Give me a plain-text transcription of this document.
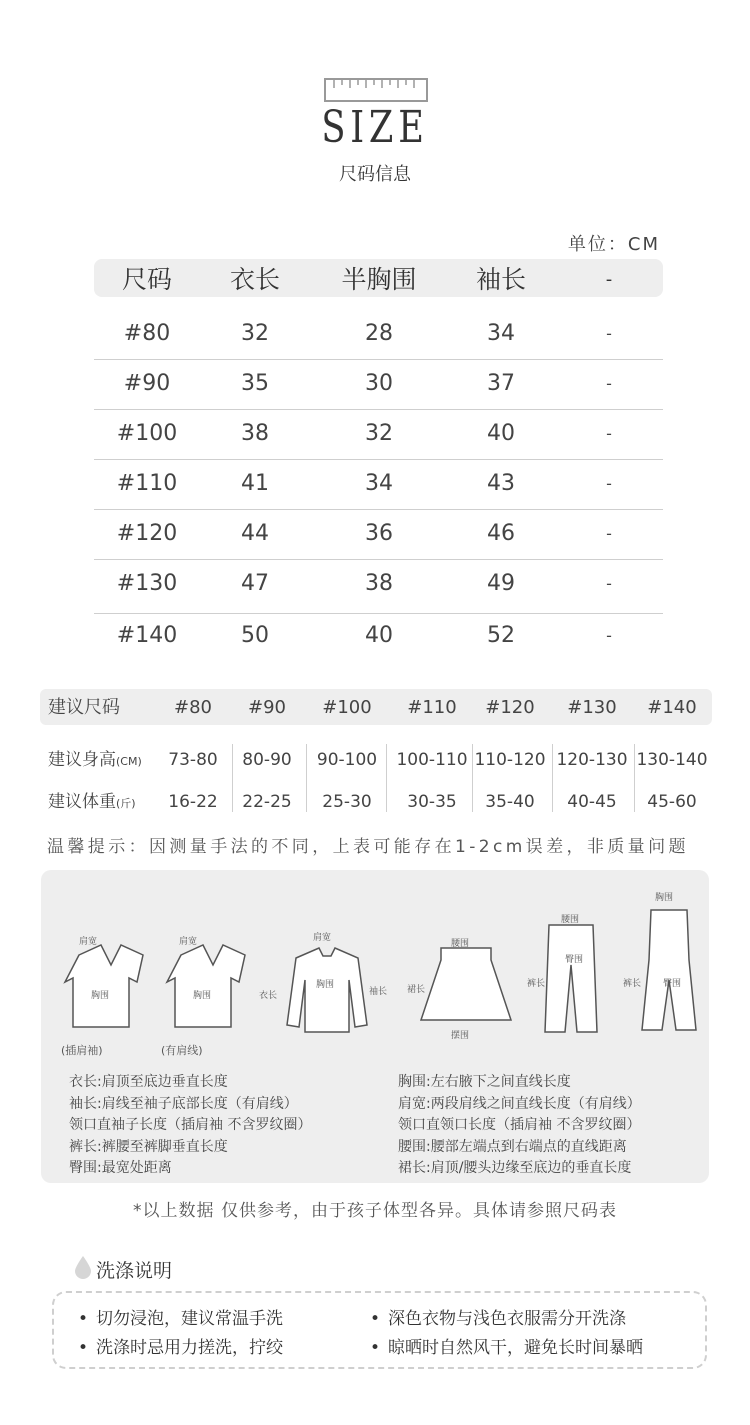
SIZE
尺码信息
单位：CM
尺码 衣长 半胸围 袖长	-
#80	32	28	34	-
#90	35	30	37	-
#100	38	32	40	-
#110	41	34	43	-
#120	44	36	46	-
#130	47	38	49	-
#140	50	40	52	-
建议尺码	#80 #90 #100 #110 #120 #130 #140
建议身高(CM) 73-80 80-90 90-100 100-110 110-120 120-130 130-140
建议体重(斤) 16-22 22-25 25-30 30-35 35-40 40-45 45-60
温馨提示：因测量手法的不同，上表可能存在1-2cm误差，非质量问题
肩宽
胸围
肩宽
胸围
肩宽
胸围
衣长	袖长
腰围
摆围
裙长
腰围
臀围
裤长
胸围
臀围
裤长
(插肩袖)	(有肩线)
衣长:肩顶至底边垂直长度
袖长:肩线至袖子底部长度（有肩线）
领口直袖子长度（插肩袖 不含罗纹圈）
裤长:裤腰至裤脚垂直长度
臀围:最宽处距离
胸围:左右腋下之间直线长度
肩宽:两段肩线之间直线长度（有肩线）
领口直领口长度（插肩袖 不含罗纹圈）
腰围:腰部左端点到右端点的直线距离
裙长:肩顶/腰头边缘至底边的垂直长度
*以上数据 仅供参考，由于孩子体型各异。具体请参照尺码表
洗涤说明
• 切勿浸泡，建议常温手洗	• 深色衣物与浅色衣服需分开洗涤
• 洗涤时忌用力搓洗，拧绞	• 晾晒时自然风干，避免长时间暴晒
